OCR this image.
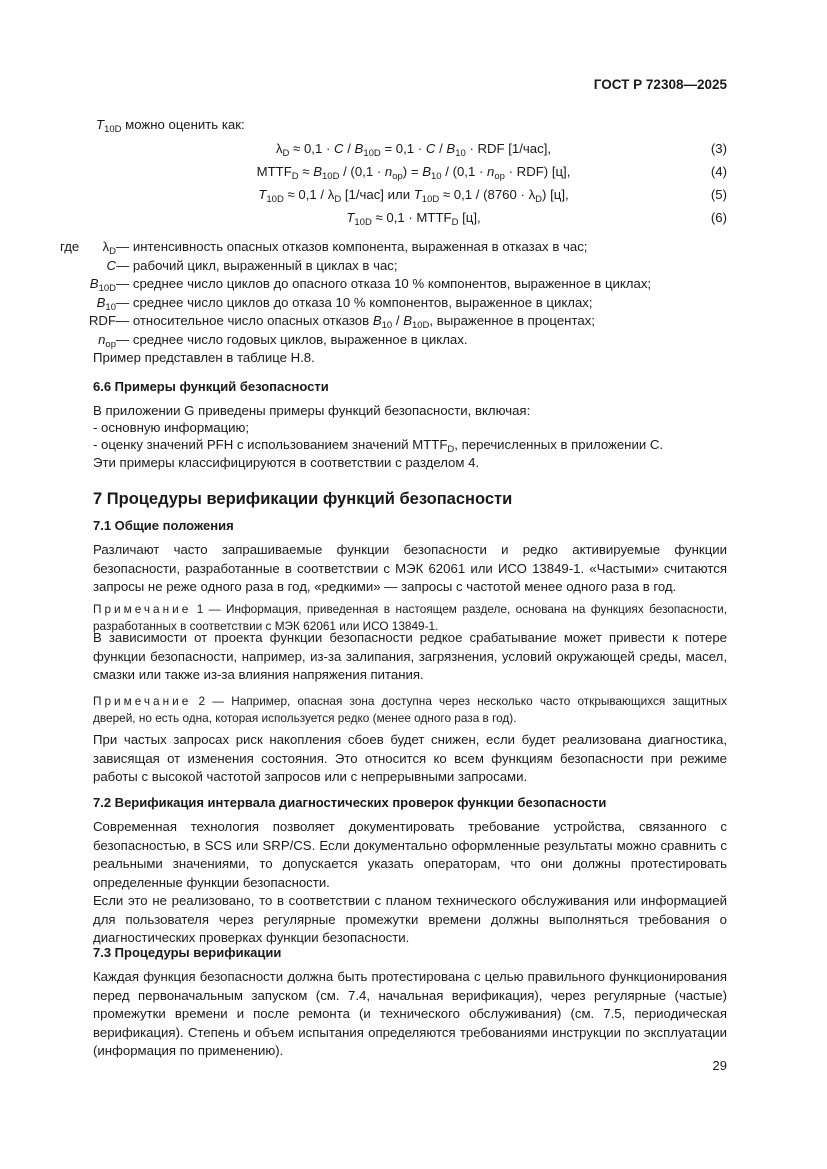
ГОСТ Р 72308—2025
$T_{10D}$ можно оценить как:
$\lambda_D \approx 0,1 \cdot C / B_{10D} = 0,1 \cdot C / B_{10}$ · RDF [1/час],	(3)
$MTTF_D \approx B_{10D} / (0,1 \cdot n_{op}) = B_{10} / (0,1 \cdot n_{op} \cdot RDF)$ [ц],	(4)
$T_{10D} \approx 0,1 / \lambda_D$ [1/час] или $T_{10D} \approx 0,1 / (8760 \cdot \lambda_D)$ [ц],	(5)
$T_{10D} \approx 0,1$ · $MTTF_D$ [ц],	(6)
где	$\lambda_D$ — интенсивность опасных отказов компонента, выраженная в отказах в час;
C — рабочий цикл, выраженный в циклах в час;
$B_{10D}$ — среднее число циклов до опасного отказа 10 % компонентов, выраженное в циклах;
$B_{10}$ — среднее число циклов до отказа 10 % компонентов, выраженное в циклах;
RDF — относительное число опасных отказов $B_{10} / B_{10D}$, выраженное в процентах;
$n_{op}$ — среднее число годовых циклов, выраженное в циклах.
Пример представлен в таблице H.8.
6.6 Примеры функций безопасности
В приложении G приведены примеры функций безопасности, включая:
- основную информацию;
- оценку значений PFH с использованием значений $MTTF_D$, перечисленных в приложении C.
Эти примеры классифицируются в соответствии с разделом 4.
7 Процедуры верификации функций безопасности
7.1 Общие положения
Различают часто запрашиваемые функции безопасности и редко активируемые функции безопасности, разработанные в соответствии с МЭК 62061 или ИСО 13849-1. «Частыми» считаются запросы не реже одного раза в год, «редкими» — запросы с частотой менее одного раза в год.
Примечание 1 — Информация, приведенная в настоящем разделе, основана на функциях безопасности, разработанных в соответствии с МЭК 62061 или ИСО 13849-1.
В зависимости от проекта функции безопасности редкое срабатывание может привести к потере функции безопасности, например, из-за залипания, загрязнения, условий окружающей среды, масел, смазки или также из-за влияния напряжения питания.
Примечание 2 — Например, опасная зона доступна через несколько часто открывающихся защитных дверей, но есть одна, которая используется редко (менее одного раза в год).
При частых запросах риск накопления сбоев будет снижен, если будет реализована диагностика, зависящая от изменения состояния. Это относится ко всем функциям безопасности при режиме работы с высокой частотой запросов или с непрерывными запросами.
7.2 Верификация интервала диагностических проверок функции безопасности
Современная технология позволяет документировать требование устройства, связанного с безопасностью, в SCS или SRP/CS. Если документально оформленные результаты можно сравнить с реальными значениями, то допускается указать операторам, что они должны протестировать определенные функции безопасности.
Если это не реализовано, то в соответствии с планом технического обслуживания или информацией для пользователя через регулярные промежутки времени должны выполняться требования о диагностических проверках функции безопасности.
7.3 Процедуры верификации
Каждая функция безопасности должна быть протестирована с целью правильного функционирования перед первоначальным запуском (см. 7.4, начальная верификация), через регулярные (частые) промежутки времени и после ремонта (и технического обслуживания) (см. 7.5, периодическая верификация). Степень и объем испытания определяются требованиями инструкции по эксплуатации (информация по применению).
29
